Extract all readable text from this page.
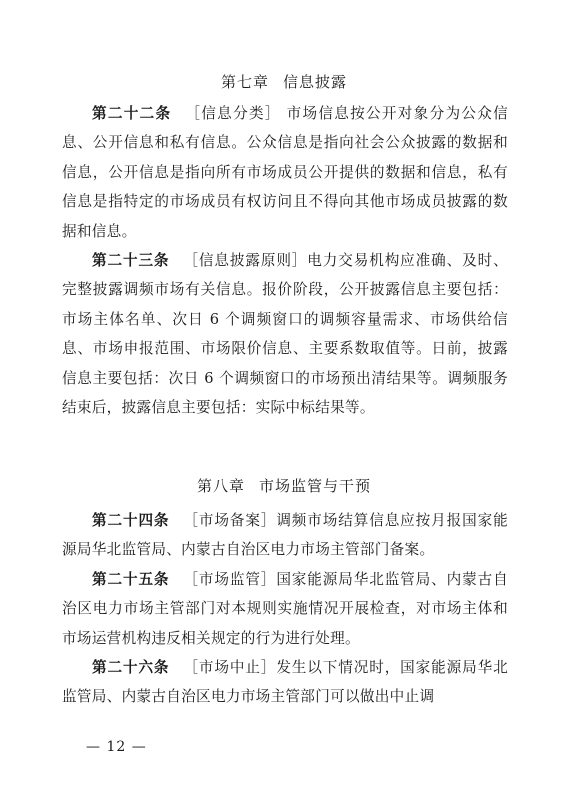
第七章 信息披露

第二十二条 ［信息分类］ 市场信息按公开对象分为公众信息、公开信息和私有信息。公众信息是指向社会公众披露的数据和信息，公开信息是指向所有市场成员公开提供的数据和信息，私有信息是指特定的市场成员有权访问且不得向其他市场成员披露的数据和信息。

第二十三条 ［信息披露原则］电力交易机构应准确、及时、完整披露调频市场有关信息。报价阶段，公开披露信息主要包括：市场主体名单、次日 6 个调频窗口的调频容量需求、市场供给信息、市场申报范围、市场限价信息、主要系数取值等。日前，披露信息主要包括：次日 6 个调频窗口的市场预出清结果等。调频服务结束后，披露信息主要包括：实际中标结果等。

第八章 市场监管与干预

第二十四条 ［市场备案］调频市场结算信息应按月报国家能源局华北监管局、内蒙古自治区电力市场主管部门备案。

第二十五条 ［市场监管］国家能源局华北监管局、内蒙古自治区电力市场主管部门对本规则实施情况开展检查，对市场主体和市场运营机构违反相关规定的行为进行处理。

第二十六条 ［市场中止］发生以下情况时，国家能源局华北监管局、内蒙古自治区电力市场主管部门可以做出中止调

— 12 —
